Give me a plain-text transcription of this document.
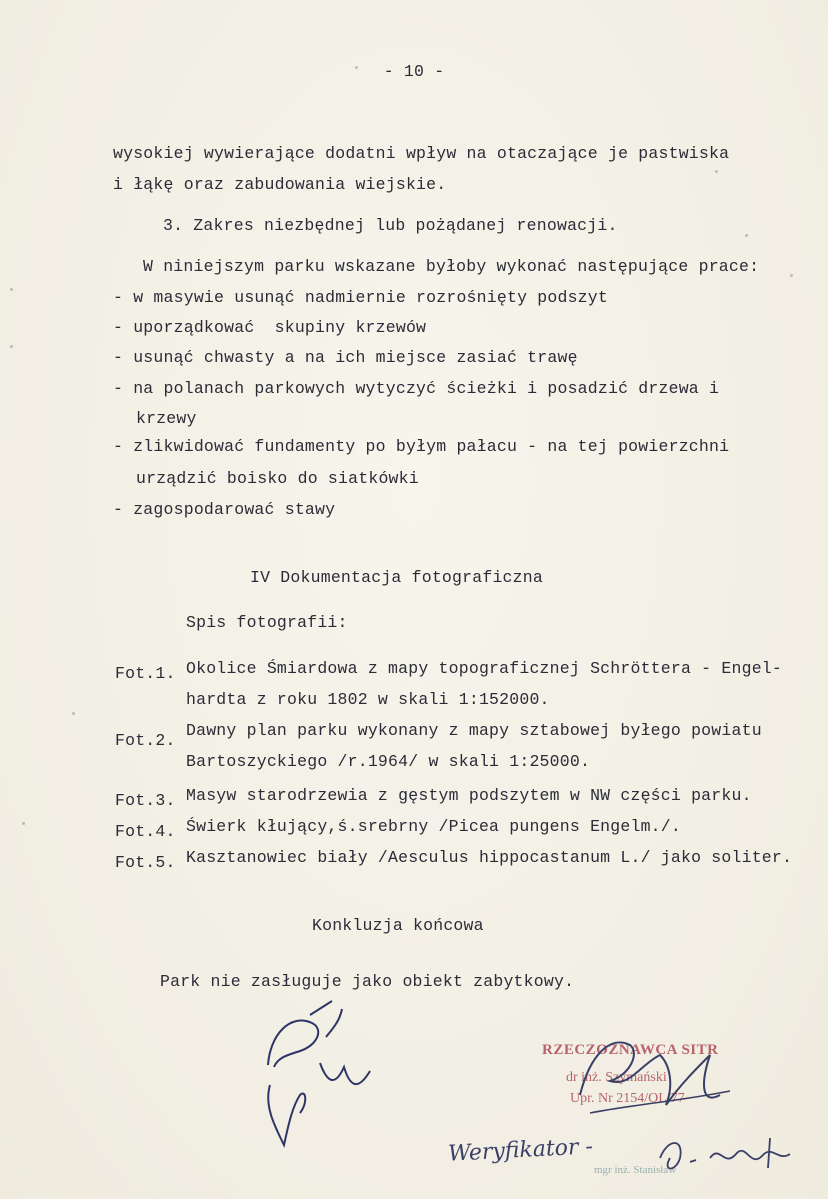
- 10 -
wysokiej wywierające dodatni wpływ na otaczające je pastwiska
i łąkę oraz zabudowania wiejskie.
3. Zakres niezbędnej lub pożądanej renowacji.
W niniejszym parku wskazane byłoby wykonać następujące prace:
- w masywie usunąć nadmiernie rozrośnięty podszyt
- uporządkować  skupiny krzewów
- usunąć chwasty a na ich miejsce zasiać trawę
- na polanach parkowych wytyczyć ścieżki i posadzić drzewa i
krzewy
- zlikwidować fundamenty po byłym pałacu - na tej powierzchni
urządzić boisko do siatkówki
- zagospodarować stawy
IV Dokumentacja fotograficzna
Spis fotografii:
Fot.1. Okolice Śmiardowa z mapy topograficznej Schröttera - Engel-
hardta z roku 1802 w skali 1:152000.
Fot.2.
Dawny plan parku wykonany z mapy sztabowej byłego powiatu
Bartoszyckiego /r.1964/ w skali 1:25000.
Fot.3. Masyw starodrzewia z gęstym podszytem w NW części parku.
Fot.4. Świerk kłujący,ś.srebrny /Picea pungens Engelm./.
Fot.5. Kasztanowiec biały /Aesculus hippocastanum L./ jako soliter.
Konkluzja końcowa
Park nie zasługuje jako obiekt zabytkowy.
RZECZOZNAWCA SITR
dr inż. Szymański
Upr. Nr 2154/OL/77
mgr inż. Stanisław
Weryfikator -
